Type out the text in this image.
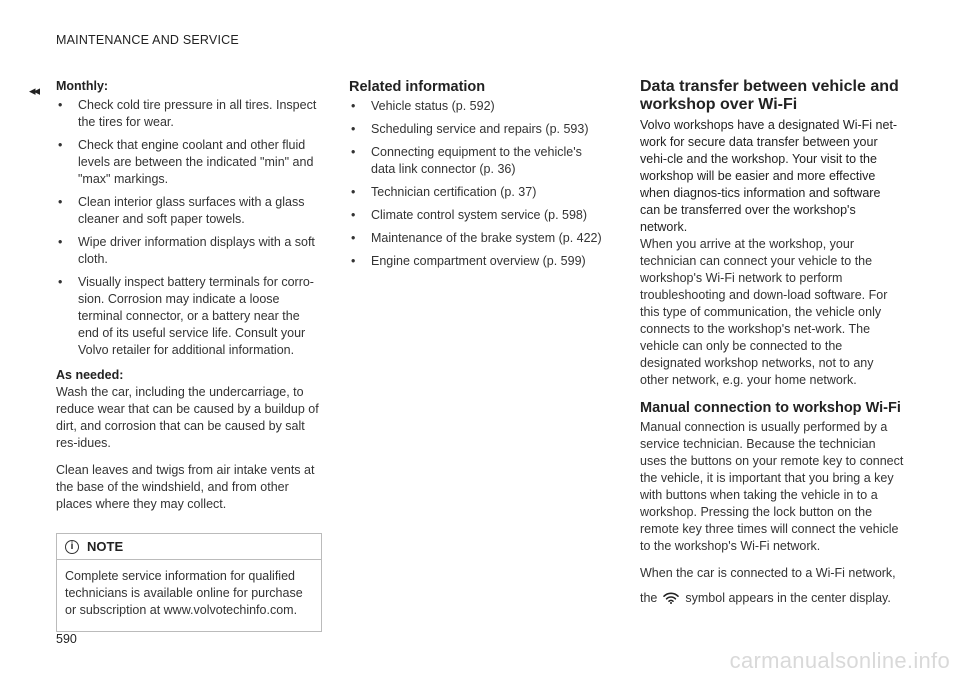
MAINTENANCE AND SERVICE
◂◂ Monthly:
• Check cold tire pressure in all tires. Inspect the tires for wear.
• Check that engine coolant and other fluid levels are between the indicated "min" and "max" markings.
• Clean interior glass surfaces with a glass cleaner and soft paper towels.
• Wipe driver information displays with a soft cloth.
• Visually inspect battery terminals for corro-sion. Corrosion may indicate a loose terminal connector, or a battery near the end of its useful service life. Consult your Volvo retailer for additional information.
As needed:

Wash the car, including the undercarriage, to reduce wear that can be caused by a buildup of dirt, and corrosion that can be caused by salt res-idues.

Clean leaves and twigs from air intake vents at the base of the windshield, and from other places where they may collect.

i	NOTE
Complete service information for qualified technicians is available online for purchase or subscription at www.volvotechinfo.com.
Related information
• Vehicle status (p. 592)
• Scheduling service and repairs (p. 593)
• Connecting equipment to the vehicle's data link connector (p. 36)
• Technician certification (p. 37)
• Climate control system service (p. 598)
• Maintenance of the brake system (p. 422)
• Engine compartment overview (p. 599)
Data transfer between vehicle and workshop over Wi-Fi

Volvo workshops have a designated Wi-Fi net-work for secure data transfer between your vehi-cle and the workshop. Your visit to the workshop will be easier and more effective when diagnos-tics information and software can be transferred over the workshop's network.

When you arrive at the workshop, your technician can connect your vehicle to the workshop's Wi-Fi network to perform troubleshooting and down-load software. For this type of communication, the vehicle only connects to the workshop's net-work. The vehicle can only be connected to the designated workshop networks, not to any other network, e.g. your home network.

Manual connection to workshop Wi-Fi

Manual connection is usually performed by a service technician. Because the technician uses the buttons on your remote key to connect the vehicle, it is important that you bring a key with buttons when taking the vehicle in to a workshop. Pressing the lock button on the remote key three times will connect the vehicle to the workshop's Wi-Fi network.

When the car is connected to a Wi-Fi network,
the symbol appears in the center display.

590
carmanualsonline.info
